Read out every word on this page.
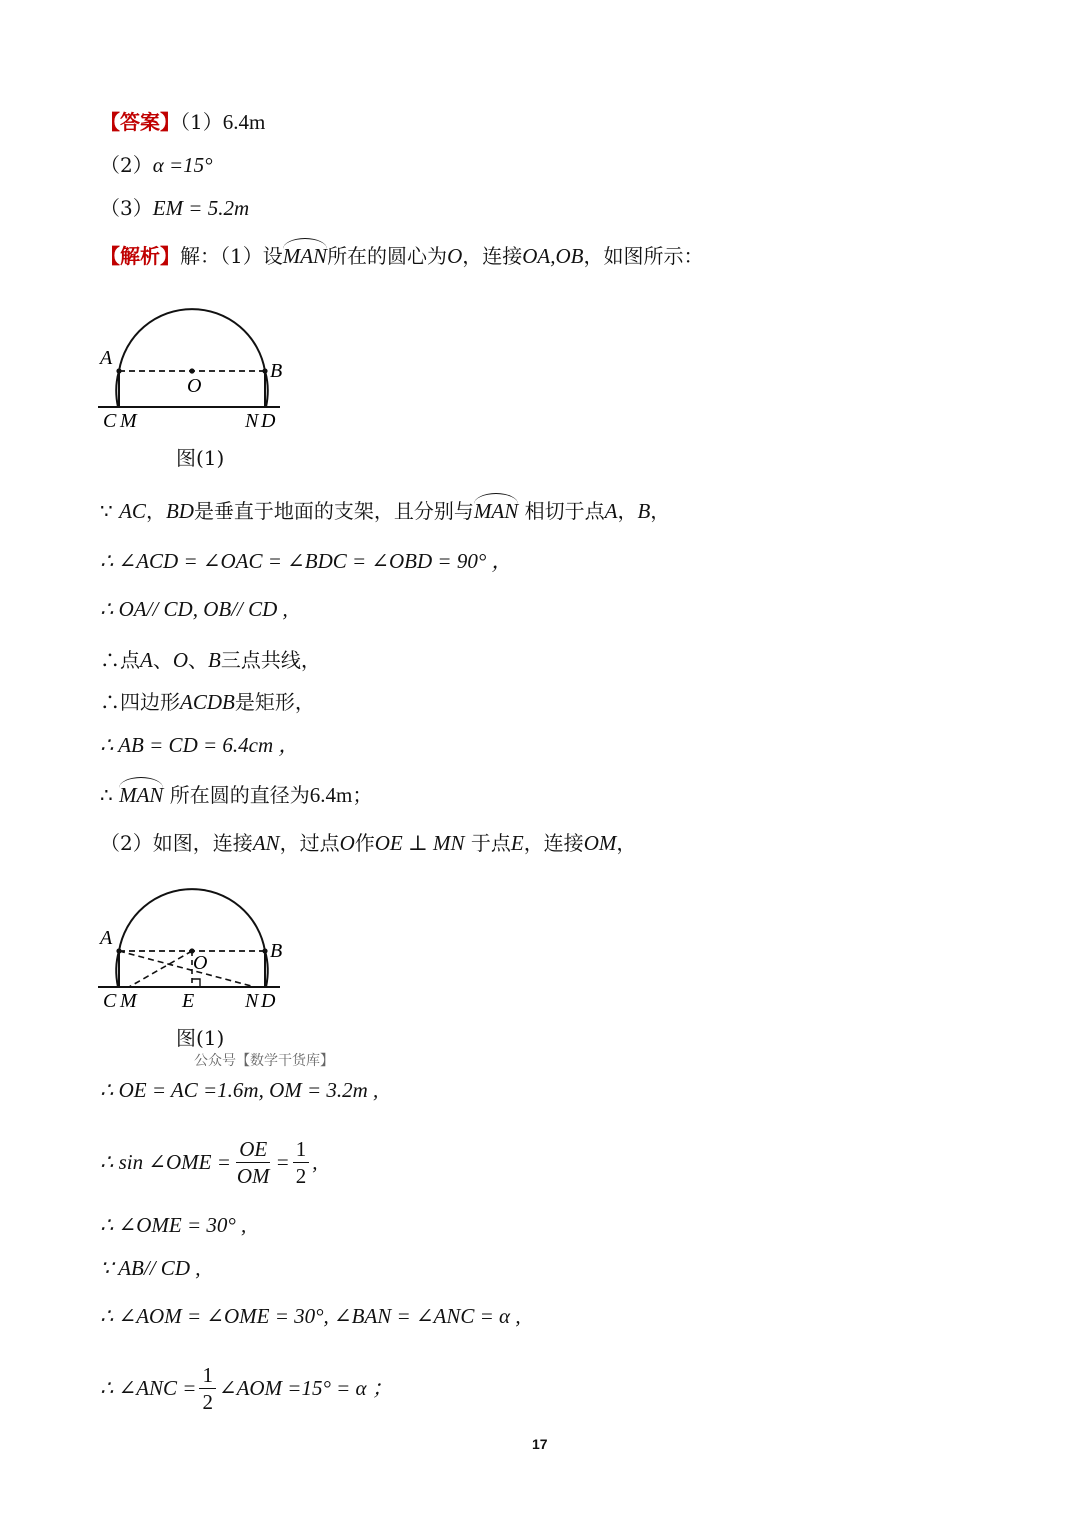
【答案】（1）6.4m
（2）α =15°
（3）EM = 5.2m
【解析】解：（1）设MAN所在的圆心为O，连接OA,OB，如图所示：
A
B
O
C M	N D
图(1)
∵ AC，BD是垂直于地面的支架，且分别与MAN 相切于点A，B，
∴ ∠ACD = ∠OAC = ∠BDC = ∠OBD = 90° ，
∴ OA// CD, OB// CD ,
∴点A、O、B三点共线，
∴四边形ACDB是矩形，
∴ AB = CD = 6.4cm ，
∴ MAN 所在圆的直径为6.4m；
（2）如图，连接AN，过点O作OE ⊥ MN 于点E，连接OM，
A
B
O
C M E	N D
图(1)
公众号【数学干货库】
∴ OE = AC =1.6m, OM = 3.2m ,
∴ sin ∠OME = $\frac{OE}{OM} = \frac{1}{2}$ ,
∴ ∠OME = 30° ,
∵ AB// CD ,
∴ ∠AOM = ∠OME = 30°, ∠BAN = ∠ANC = α ,
∴ ∠ANC = $\frac{1}{2}$ ∠AOM =15° = α ；
17
